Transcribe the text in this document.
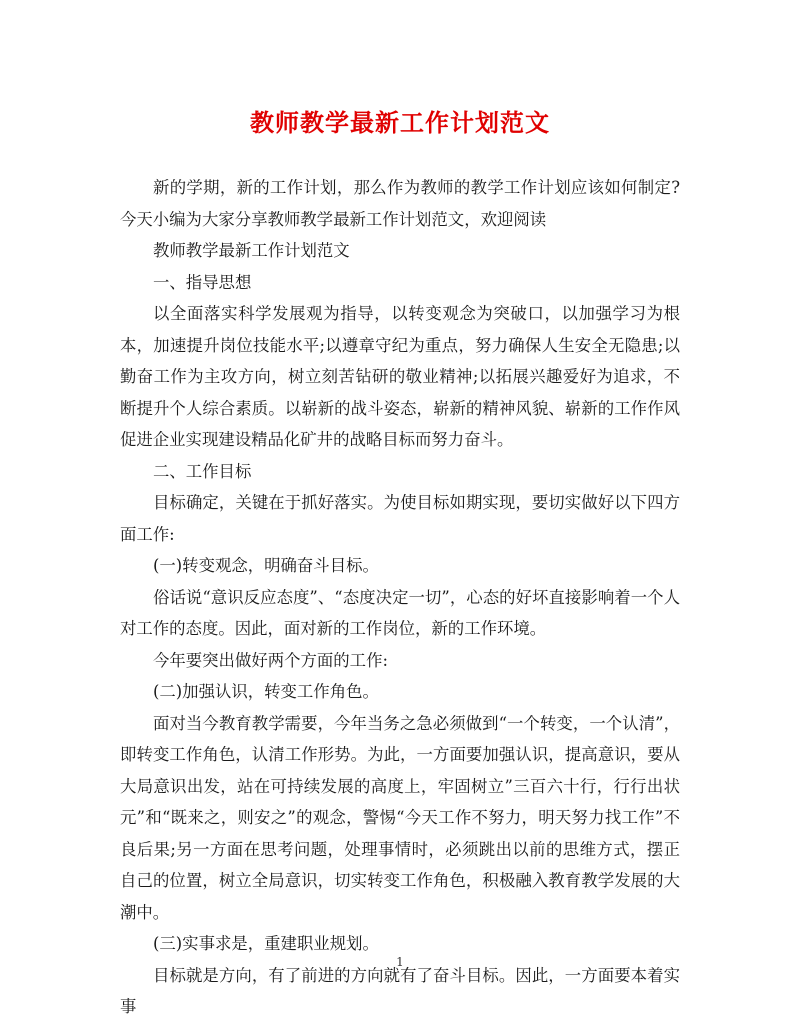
教师教学最新工作计划范文

新的学期，新的工作计划，那么作为教师的教学工作计划应该如何制定?今天小编为大家分享教师教学最新工作计划范文，欢迎阅读

教师教学最新工作计划范文

一、指导思想

以全面落实科学发展观为指导，以转变观念为突破口，以加强学习为根本，加速提升岗位技能水平;以遵章守纪为重点，努力确保人生安全无隐患;以勤奋工作为主攻方向，树立刻苦钻研的敬业精神;以拓展兴趣爱好为追求，不断提升个人综合素质。以崭新的战斗姿态，崭新的精神风貌、崭新的工作作风促进企业实现建设精品化矿井的战略目标而努力奋斗。

二、工作目标

目标确定，关键在于抓好落实。为使目标如期实现，要切实做好以下四方面工作:

(一)转变观念，明确奋斗目标。

俗话说“意识反应态度”、“态度决定一切”，心态的好坏直接影响着一个人对工作的态度。因此，面对新的工作岗位，新的工作环境。

今年要突出做好两个方面的工作:

(二)加强认识，转变工作角色。

面对当今教育教学需要，今年当务之急必须做到“一个转变，一个认清”，即转变工作角色，认清工作形势。为此，一方面要加强认识，提高意识，要从大局意识出发，站在可持续发展的高度上，牢固树立”三百六十行，行行出状元”和“既来之，则安之”的观念，警惕“今天工作不努力，明天努力找工作”不良后果;另一方面在思考问题，处理事情时，必须跳出以前的思维方式，摆正自己的位置，树立全局意识，切实转变工作角色，积极融入教育教学发展的大潮中。

(三)实事求是，重建职业规划。

目标就是方向，有了前进的方向就有了奋斗目标。因此，一方面要本着实事

1
